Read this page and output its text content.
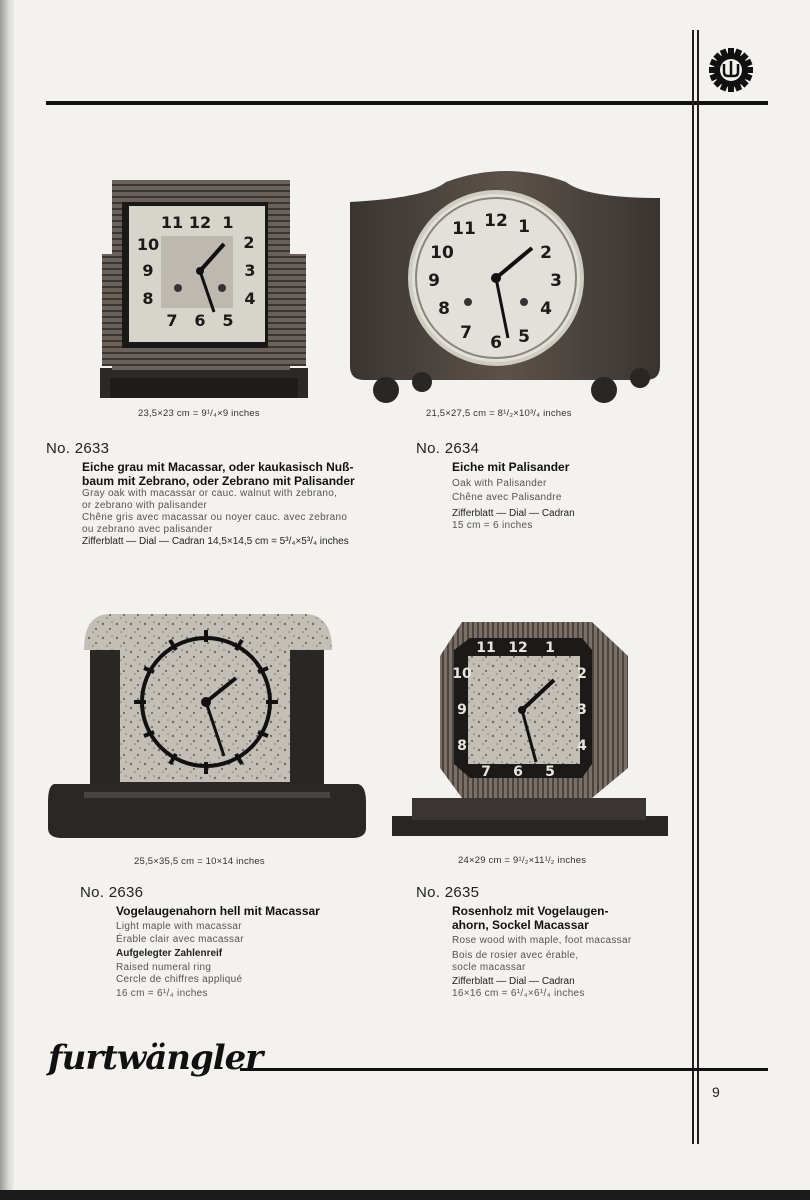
11 12 1
2
3
4
10
9
8
7 6 5
23,5×23 cm = 9¹/₄×9 inches
12 1
2
3
4
5
6
7
8
9
10
11
21,5×27,5 cm = 8¹/₂×10³/₄ inches
No. 2633
Eiche grau mit Macassar, oder kaukasisch Nuß-
baum mit Zebrano, oder Zebrano mit Palisander
Gray oak with macassar or cauc. walnut with zebrano,
or zebrano with palisander
Chêne gris avec macassar ou noyer cauc. avec zebrano
ou zebrano avec palisander
Zifferblatt — Dial — Cadran 14,5×14,5 cm = 5³/₄×5³/₄ inches
No. 2634
Eiche mit Palisander
Oak with Palisander
Chêne avec Palisandre
Zifferblatt — Dial — Cadran
15 cm = 6 inches
25,5×35,5 cm = 10×14 inches
11 12 1
2
3
4
10
9
8
7 6 5
24×29 cm = 9¹/₂×11¹/₂ inches
No. 2636
Vogelaugenahorn hell mit Macassar
Light maple with macassar
Érable clair avec macassar
Aufgelegter Zahlenreif
Raised numeral ring
Cercle de chiffres appliqué
16 cm = 6¹/₄ inches
No. 2635
Rosenholz mit Vogelaugen-
ahorn, Sockel Macassar
Rose wood with maple, foot macassar
Bois de rosier avec érable,
socle macassar
Zifferblatt — Dial — Cadran
16×16 cm = 6¹/₄×6¹/₄ inches
furtwängler
9
